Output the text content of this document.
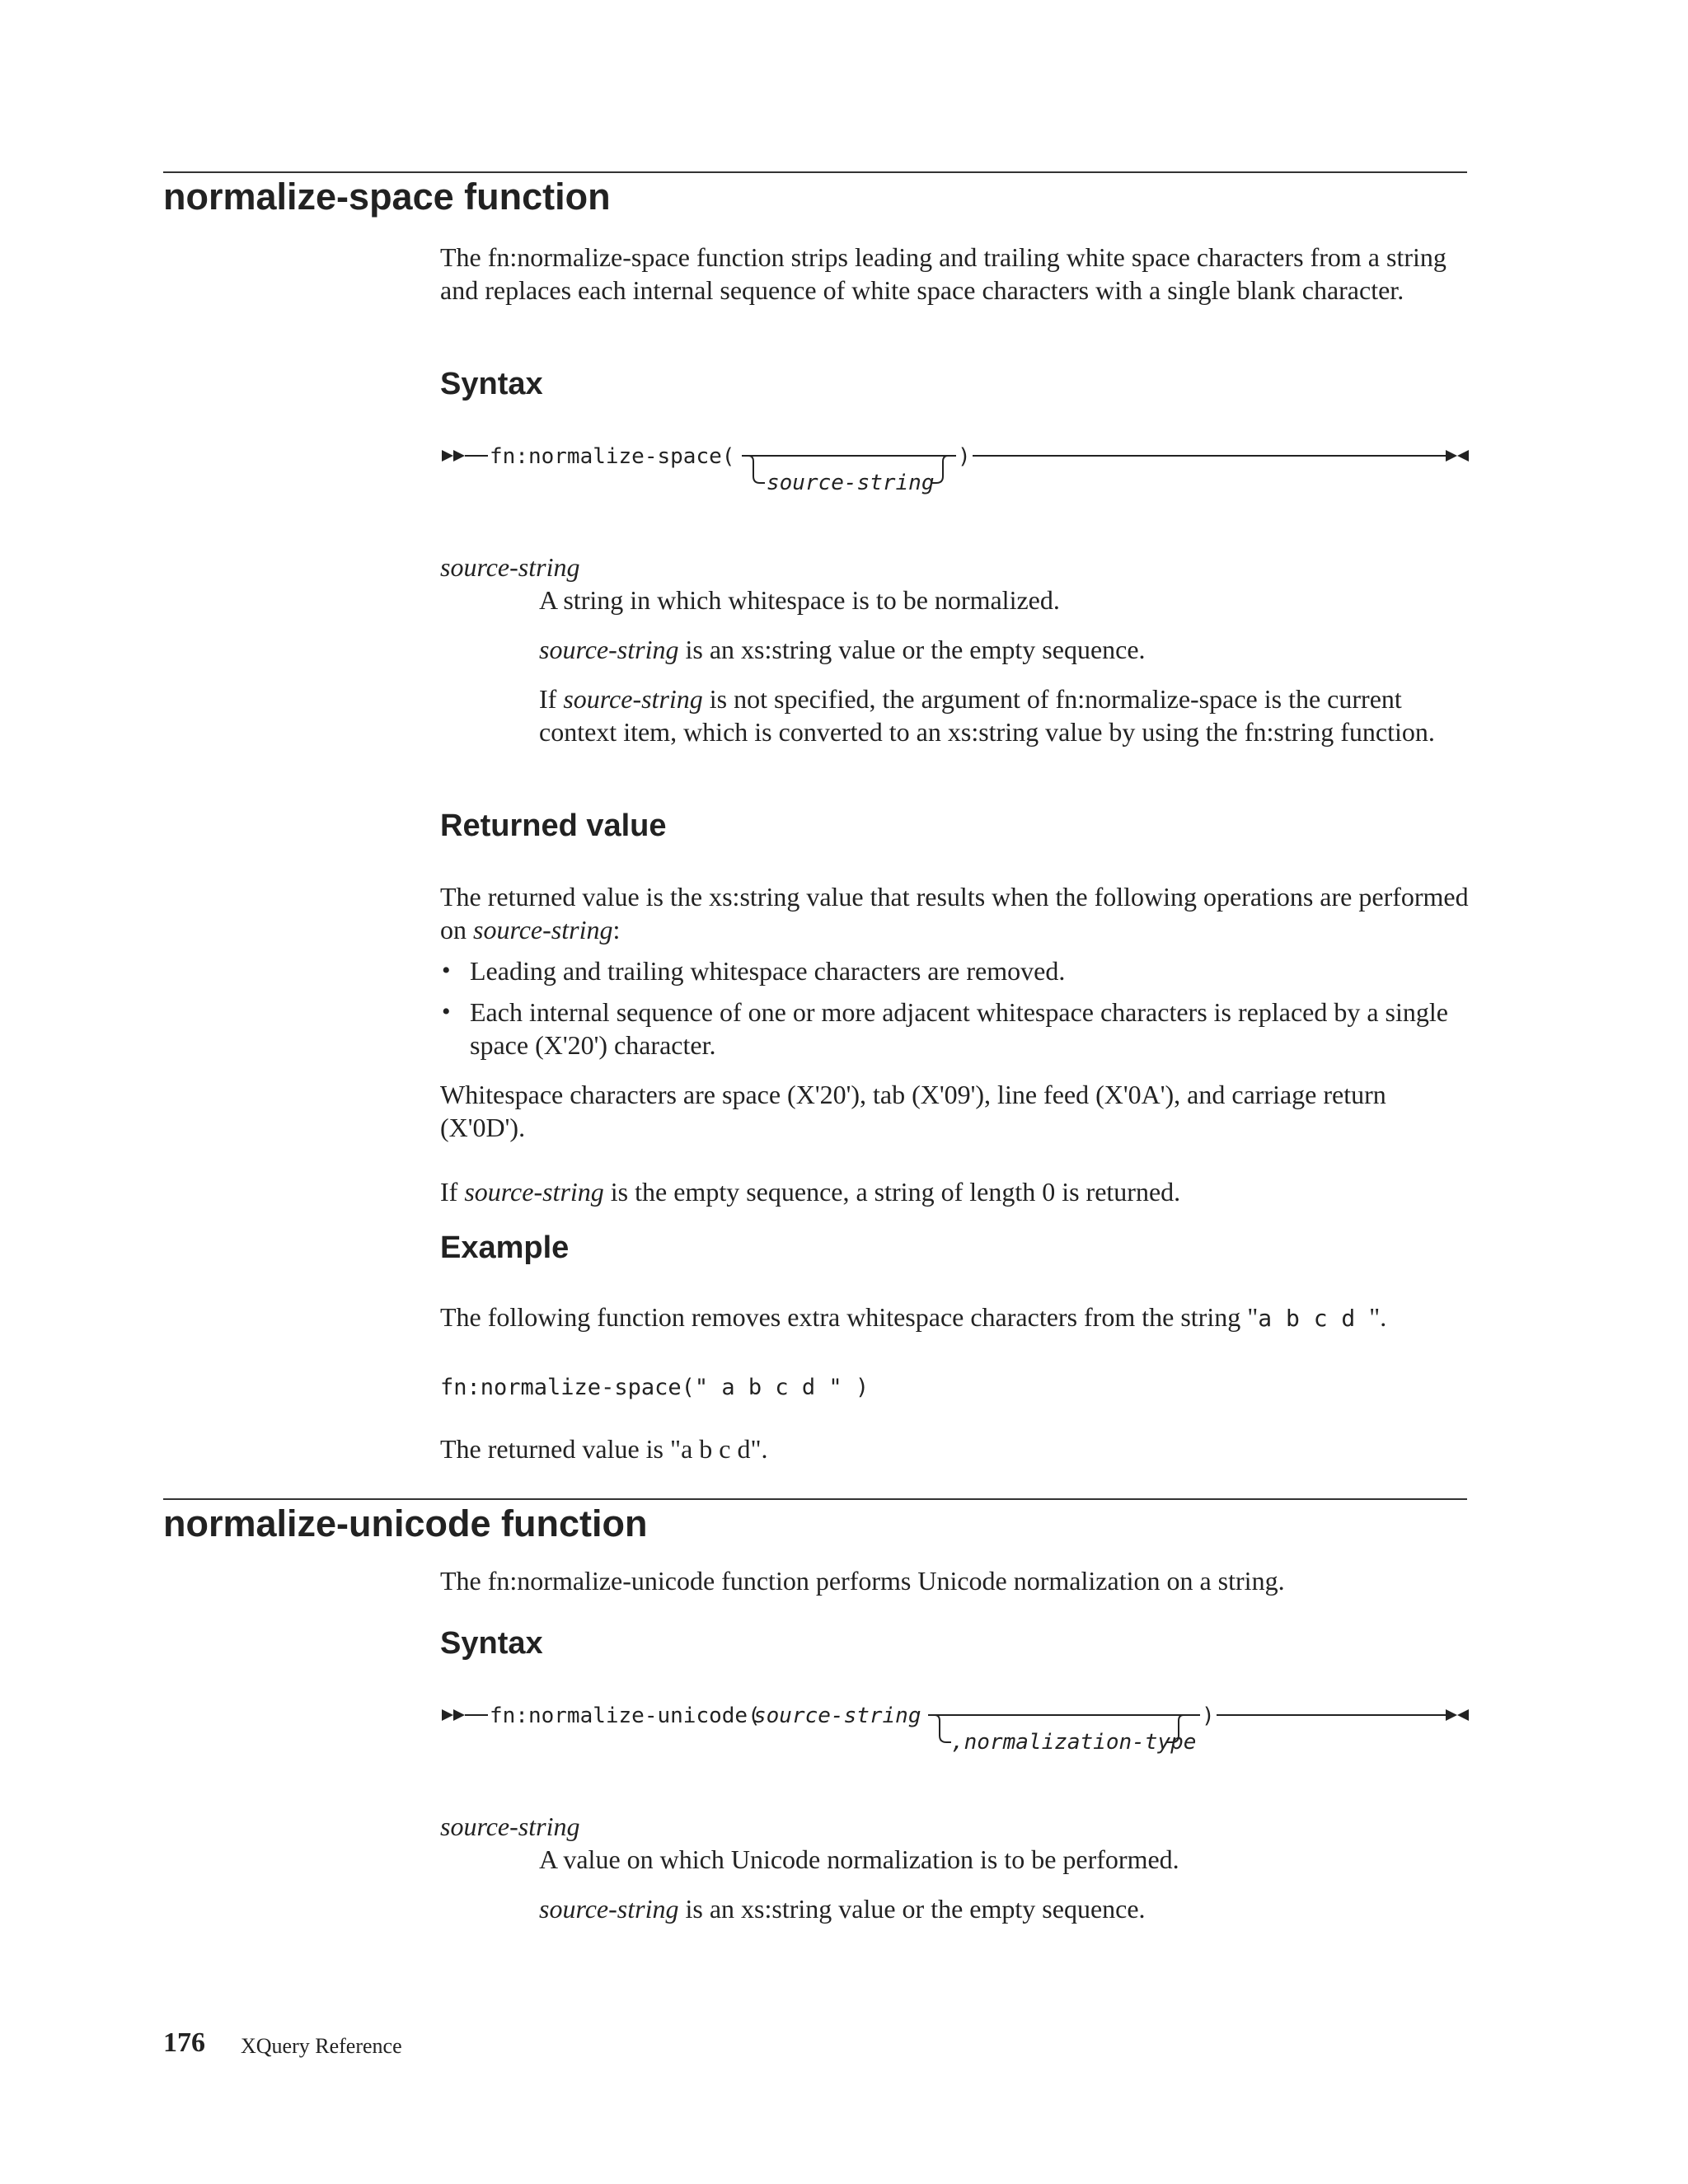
normalize-space function

The fn:normalize-space function strips leading and trailing white space characters from a string and replaces each internal sequence of white space characters with a single blank character.

Syntax
fn:normalize-space(
source-string
)

source-string

A string in which whitespace is to be normalized.

source-string is an xs:string value or the empty sequence.

If source-string is not specified, the argument of fn:normalize-space is the current context item, which is converted to an xs:string value by using the fn:string function.

Returned value

The returned value is the xs:string value that results when the following operations are performed on source-string:

• Leading and trailing whitespace characters are removed.
• Each internal sequence of one or more adjacent whitespace characters is replaced by a single space (X'20') character.

Whitespace characters are space (X'20'), tab (X'09'), line feed (X'0A'), and carriage return (X'0D').

If source-string is the empty sequence, a string of length 0 is returned.

Example

The following function removes extra whitespace characters from the string "a b c d ".

fn:normalize-space(" a b c d " )

The returned value is "a b c d".

normalize-unicode function

The fn:normalize-unicode function performs Unicode normalization on a string.

Syntax
fn:normalize-unicode(
source-string
,normalization-type
)

source-string

A value on which Unicode normalization is to be performed.

source-string is an xs:string value or the empty sequence.

176 XQuery Reference
